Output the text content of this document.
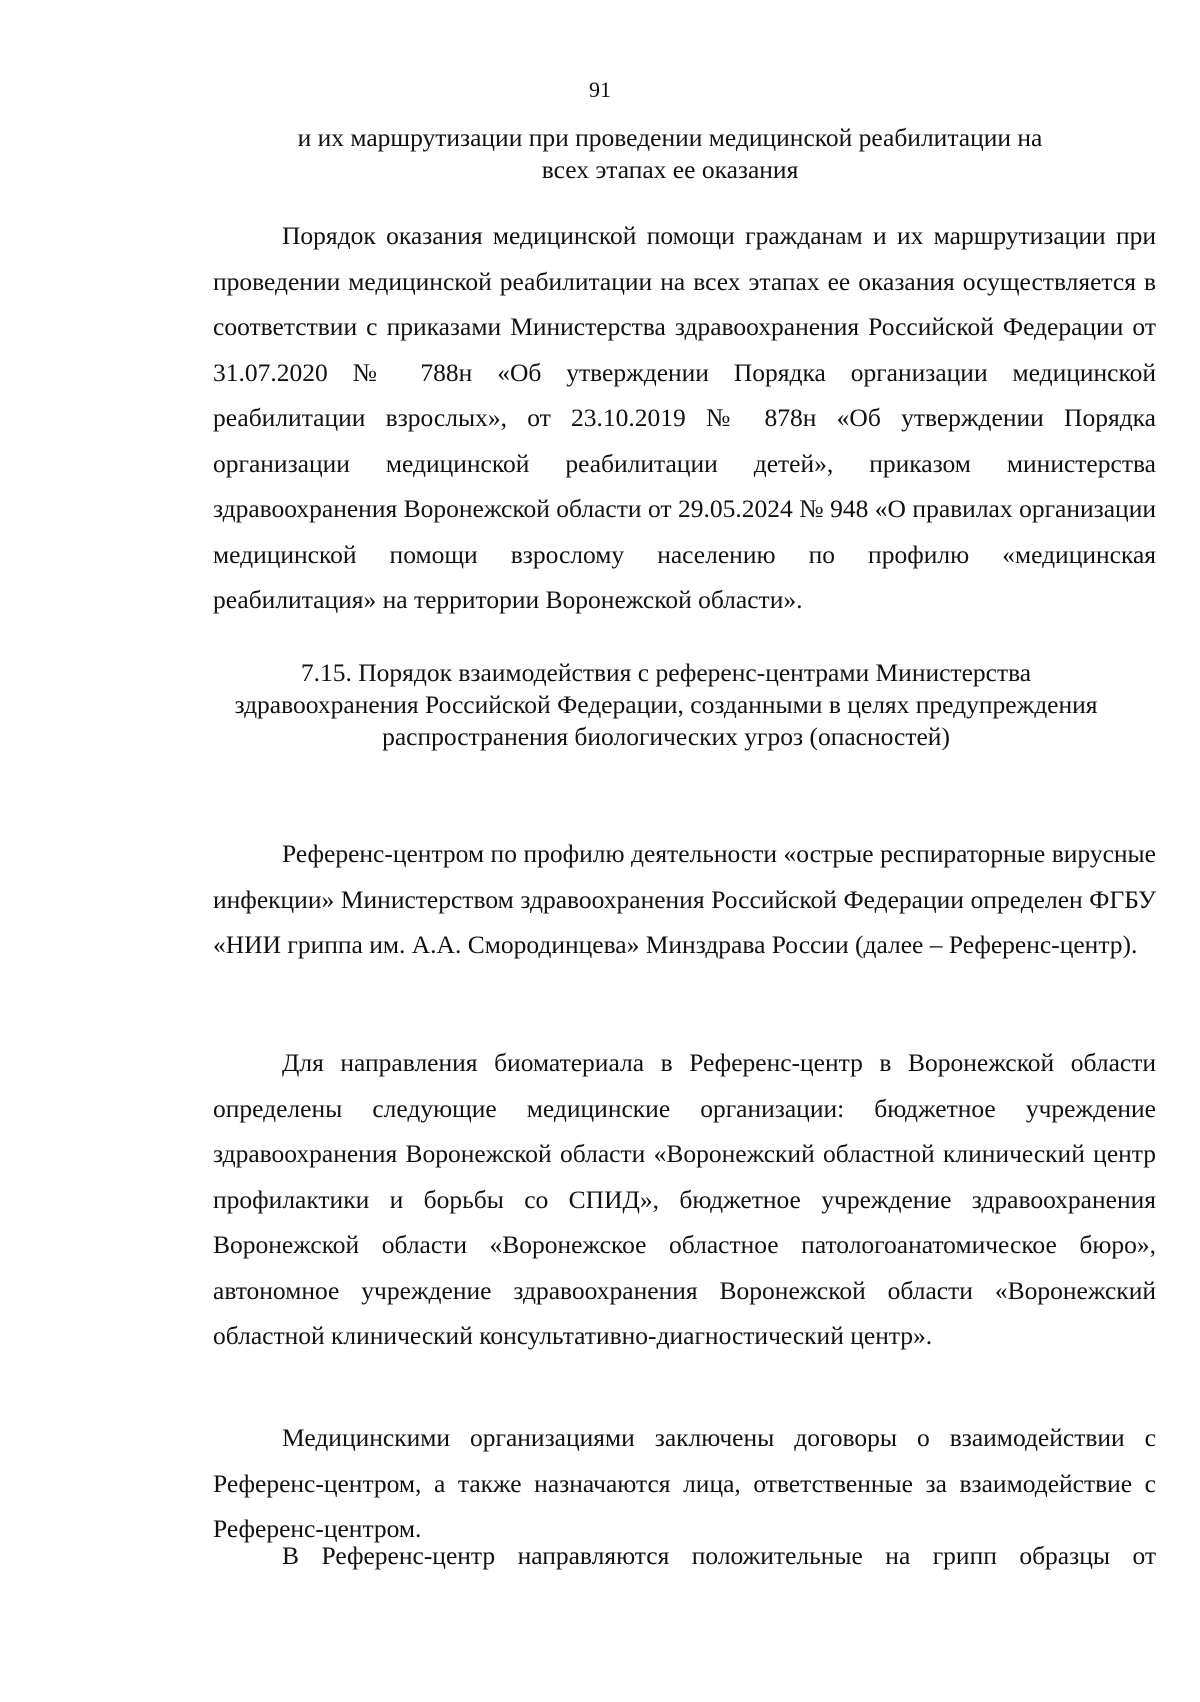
91
и их маршрутизации при проведении медицинской реабилитации на всех этапах ее оказания

Порядок оказания медицинской помощи гражданам и их маршрутизации при проведении медицинской реабилитации на всех этапах ее оказания осуществляется в соответствии с приказами Министерства здравоохранения Российской Федерации от 31.07.2020 № 788н «Об утверждении Порядка организации медицинской реабилитации взрослых», от 23.10.2019 № 878н «Об утверждении Порядка организации медицинской реабилитации детей», приказом министерства здравоохранения Воронежской области от 29.05.2024 № 948 «О правилах организации медицинской помощи взрослому населению по профилю «медицинская реабилитация» на территории Воронежской области».

7.15. Порядок взаимодействия с референс-центрами Министерства здравоохранения Российской Федерации, созданными в целях предупреждения распространения биологических угроз (опасностей)

Референс-центром по профилю деятельности «острые респираторные вирусные инфекции» Министерством здравоохранения Российской Федерации определен ФГБУ «НИИ гриппа им. А.А. Смородинцева» Минздрава России (далее – Референс-центр).

Для направления биоматериала в Референс-центр в Воронежской области определены следующие медицинские организации: бюджетное учреждение здравоохранения Воронежской области «Воронежский областной клинический центр профилактики и борьбы со СПИД», бюджетное учреждение здравоохранения Воронежской области «Воронежское областное патологоанатомическое бюро», автономное учреждение здравоохранения Воронежской области «Воронежский областной клинический консультативно-диагностический центр».

Медицинскими организациями заключены договоры о взаимодействии с Референс-центром, а также назначаются лица, ответственные за взаимодействие с Референс-центром.

В Референс-центр направляются положительные на грипп образцы от
